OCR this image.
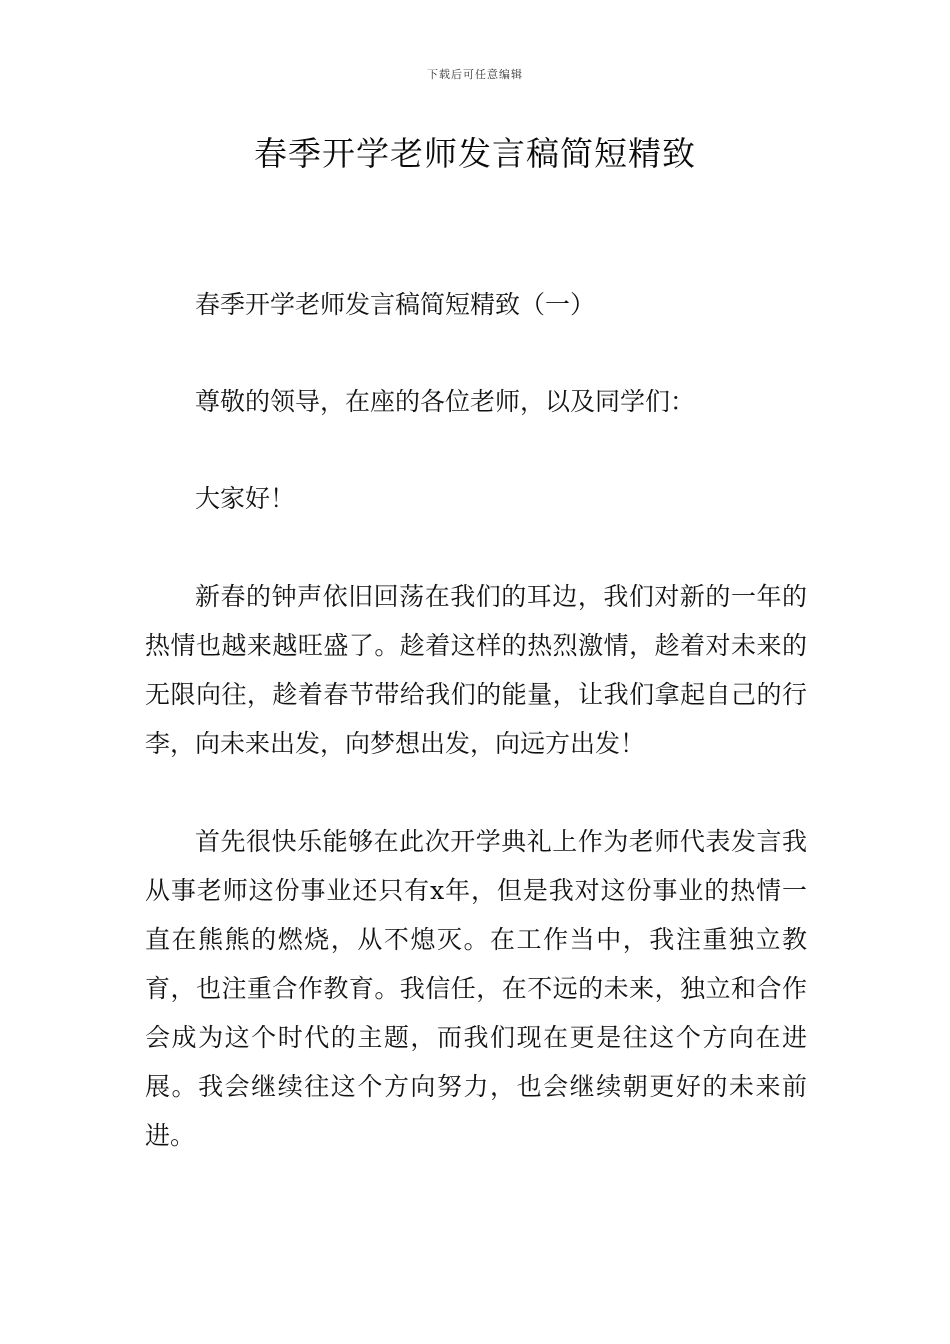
下载后可任意编辑
春季开学老师发言稿简短精致

春季开学老师发言稿简短精致（一）

尊敬的领导，在座的各位老师，以及同学们：

大家好！

新春的钟声依旧回荡在我们的耳边，我们对新的一年的热情也越来越旺盛了。趁着这样的热烈激情，趁着对未来的无限向往，趁着春节带给我们的能量，让我们拿起自己的行李，向未来出发，向梦想出发，向远方出发！

首先很快乐能够在此次开学典礼上作为老师代表发言我从事老师这份事业还只有x年，但是我对这份事业的热情一直在熊熊的燃烧，从不熄灭。在工作当中，我注重独立教育，也注重合作教育。我信任，在不远的未来，独立和合作会成为这个时代的主题，而我们现在更是往这个方向在进展。我会继续往这个方向努力，也会继续朝更好的未来前进。
